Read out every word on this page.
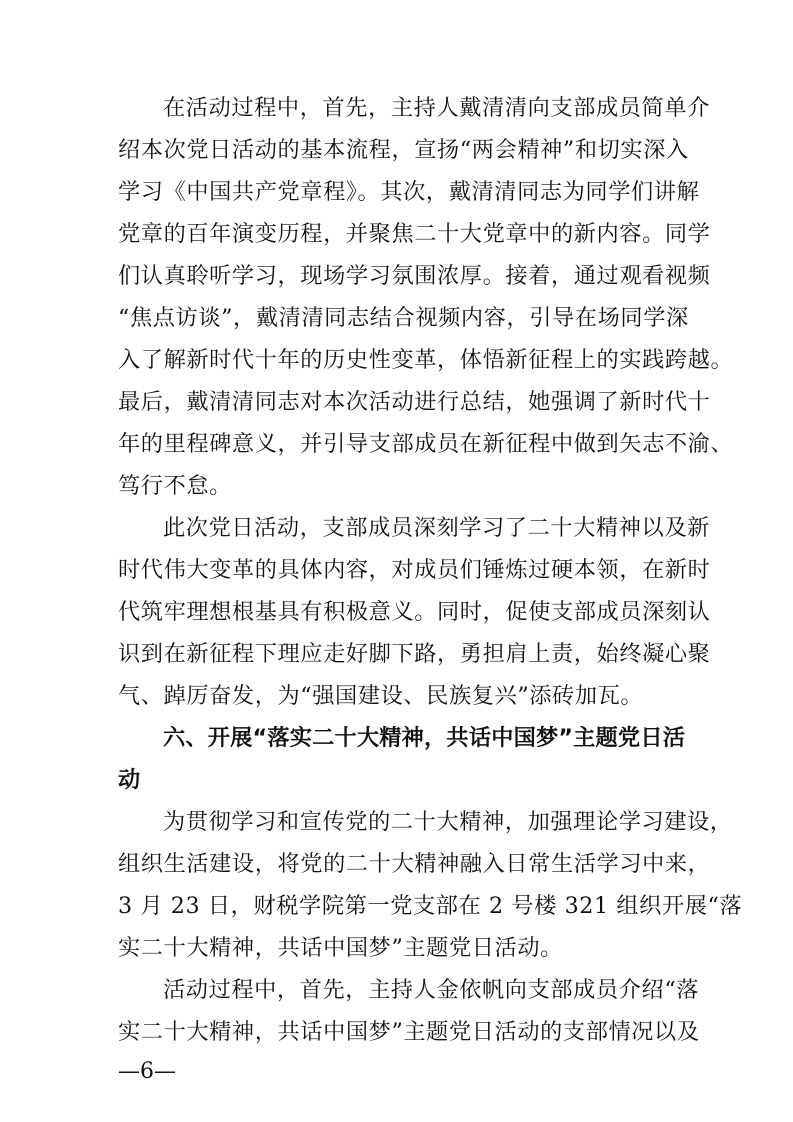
在活动过程中，首先，主持人戴清清向支部成员简单介
绍本次党日活动的基本流程，宣扬“两会精神”和切实深入
学习《中国共产党章程》。其次，戴清清同志为同学们讲解
党章的百年演变历程，并聚焦二十大党章中的新内容。同学
们认真聆听学习，现场学习氛围浓厚。接着，通过观看视频
“焦点访谈”，戴清清同志结合视频内容，引导在场同学深
入了解新时代十年的历史性变革，体悟新征程上的实践跨越。
最后，戴清清同志对本次活动进行总结，她强调了新时代十
年的里程碑意义，并引导支部成员在新征程中做到矢志不渝、
笃行不怠。
此次党日活动，支部成员深刻学习了二十大精神以及新
时代伟大变革的具体内容，对成员们锤炼过硬本领，在新时
代筑牢理想根基具有积极意义。同时，促使支部成员深刻认
识到在新征程下理应走好脚下路，勇担肩上责，始终凝心聚
气、踔厉奋发，为“强国建设、民族复兴”添砖加瓦。
六、开展“落实二十大精神，共话中国梦”主题党日活
动
为贯彻学习和宣传党的二十大精神，加强理论学习建设，
组织生活建设，将党的二十大精神融入日常生活学习中来，
3 月 23 日，财税学院第一党支部在 2 号楼 321 组织开展“落
实二十大精神，共话中国梦”主题党日活动。
活动过程中，首先，主持人金依帆向支部成员介绍“落
实二十大精神，共话中国梦”主题党日活动的支部情况以及
—6—
